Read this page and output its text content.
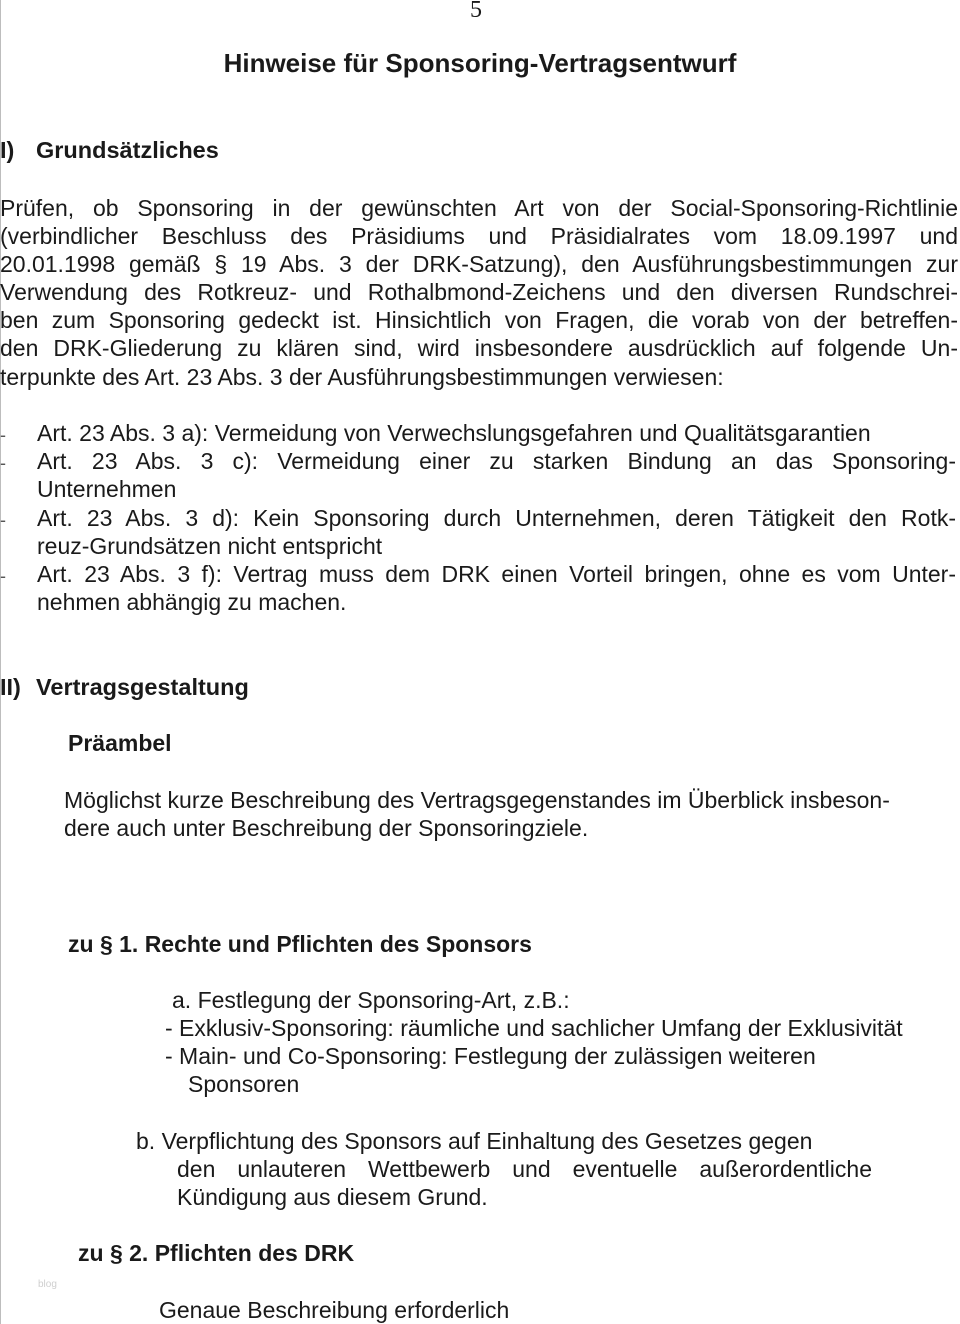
5
Hinweise für Sponsoring-Vertragsentwurf
I) Grundsätzliches
Prüfen, ob Sponsoring in der gewünschten Art von der Social-Sponsoring-Richtlinie
(verbindlicher Beschluss des Präsidiums und Präsidialrates vom 18.09.1997 und
20.01.1998 gemäß § 19 Abs. 3 der DRK-Satzung), den Ausführungsbestimmungen zur
Verwendung des Rotkreuz- und Rothalbmond-Zeichens und den diversen Rundschrei-
ben zum Sponsoring gedeckt ist. Hinsichtlich von Fragen, die vorab von der betreffen-
den DRK-Gliederung zu klären sind, wird insbesondere ausdrücklich auf folgende Un-
terpunkte des Art. 23 Abs. 3 der Ausführungsbestimmungen verwiesen:
- Art. 23 Abs. 3 a): Vermeidung von Verwechslungsgefahren und Qualitätsgarantien
- Art. 23 Abs. 3 c): Vermeidung einer zu starken Bindung an das Sponsoring-
Unternehmen
- Art. 23 Abs. 3 d): Kein Sponsoring durch Unternehmen, deren Tätigkeit den Rotk-
reuz-Grundsätzen nicht entspricht
- Art. 23 Abs. 3 f): Vertrag muss dem DRK einen Vorteil bringen, ohne es vom Unter-
nehmen abhängig zu machen.
II) Vertragsgestaltung
Präambel
Möglichst kurze Beschreibung des Vertragsgegenstandes im Überblick insbeson-
dere auch unter Beschreibung der Sponsoringziele.
zu § 1. Rechte und Pflichten des Sponsors
a. Festlegung der Sponsoring-Art, z.B.:
- Exklusiv-Sponsoring: räumliche und sachlicher Umfang der Exklusivität
- Main- und Co-Sponsoring: Festlegung der zulässigen weiteren
Sponsoren
b. Verpflichtung des Sponsors auf Einhaltung des Gesetzes gegen
den unlauteren Wettbewerb und eventuelle außerordentliche
Kündigung aus diesem Grund.
zu § 2. Pflichten des DRK
Genaue Beschreibung erforderlich
blog
